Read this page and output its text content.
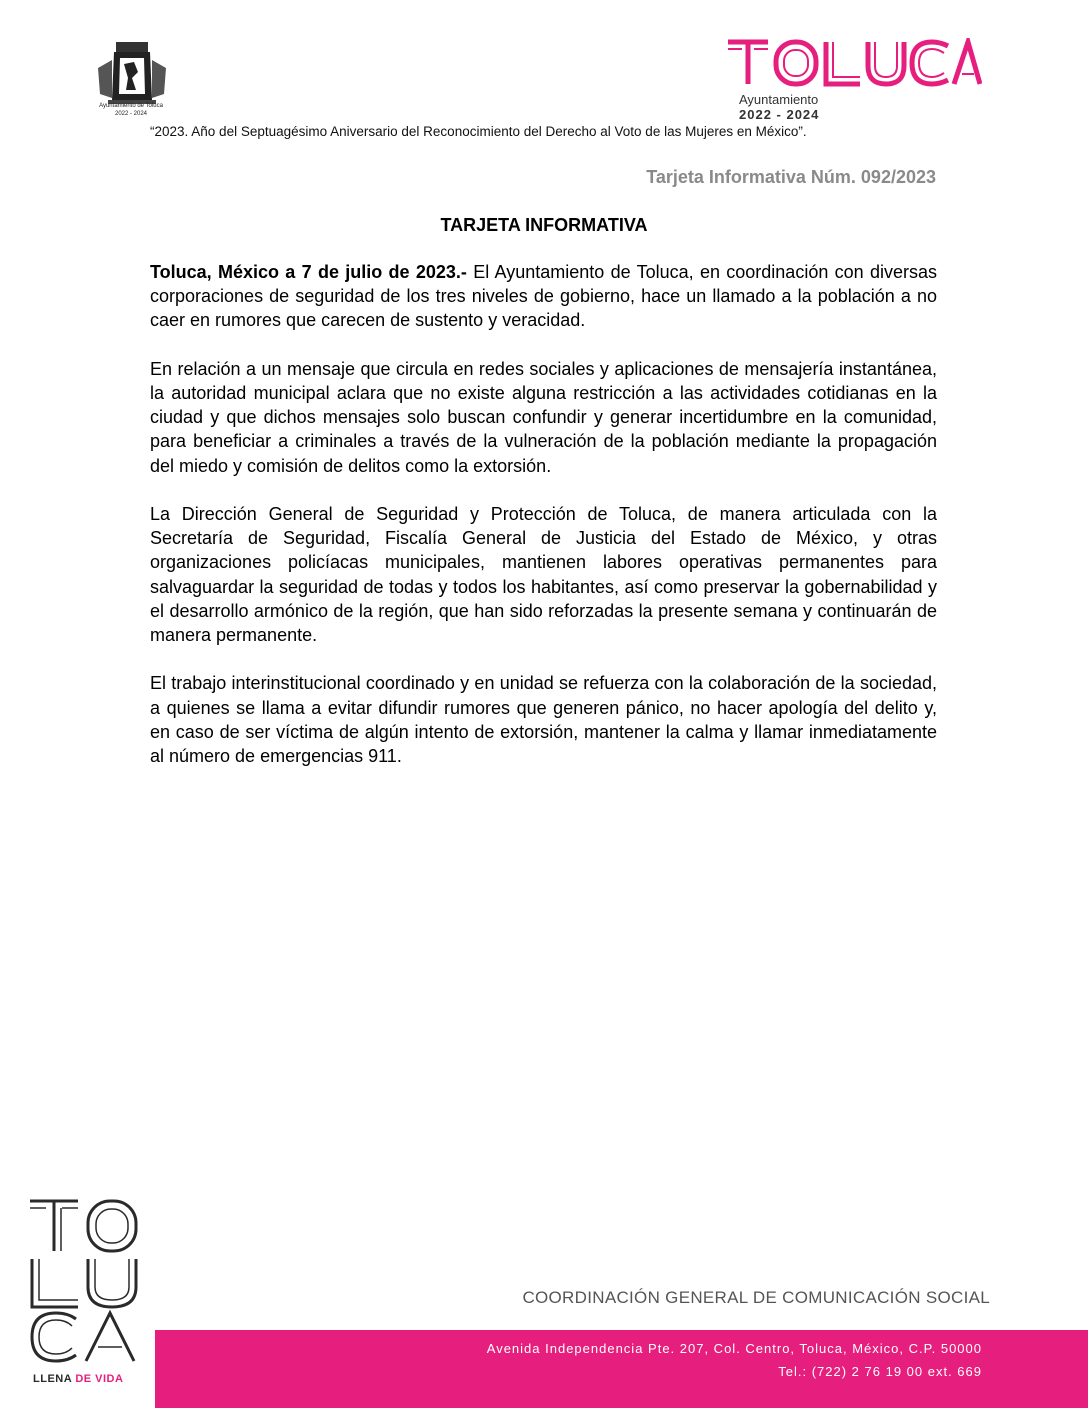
Ayuntamiento de Toluca
2022 - 2024
Ayuntamiento
2022 - 2024
“2023. Año del Septuagésimo Aniversario del Reconocimiento del Derecho al Voto de las Mujeres en México”.
Tarjeta Informativa Núm. 092/2023
TARJETA INFORMATIVA

Toluca, México a 7 de julio de 2023.- El Ayuntamiento de Toluca, en coordinación con diversas corporaciones de seguridad de los tres niveles de gobierno, hace un llamado a la población a no caer en rumores que carecen de sustento y veracidad.

En relación a un mensaje que circula en redes sociales y aplicaciones de mensajería instantánea, la autoridad municipal aclara que no existe alguna restricción a las actividades cotidianas en la ciudad y que dichos mensajes solo buscan confundir y generar incertidumbre en la comunidad, para beneficiar a criminales a través de la vulneración de la población mediante la propagación del miedo y comisión de delitos como la extorsión.

La Dirección General de Seguridad y Protección de Toluca, de manera articulada con la Secretaría de Seguridad, Fiscalía General de Justicia del Estado de México, y otras organizaciones policíacas municipales, mantienen labores operativas permanentes para salvaguardar la seguridad de todas y todos los habitantes, así como preservar la gobernabilidad y el desarrollo armónico de la región, que han sido reforzadas la presente semana y continuarán de manera permanente.

El trabajo interinstitucional coordinado y en unidad se refuerza con la colaboración de la sociedad, a quienes se llama a evitar difundir rumores que generen pánico, no hacer apología del delito y, en caso de ser víctima de algún intento de extorsión, mantener la calma y llamar inmediatamente al número de emergencias 911.

LLENA DE VIDA
COORDINACIÓN GENERAL DE COMUNICACIÓN SOCIAL
Avenida Independencia Pte. 207, Col. Centro, Toluca, México, C.P. 50000
Tel.: (722) 2 76 19 00 ext. 669
